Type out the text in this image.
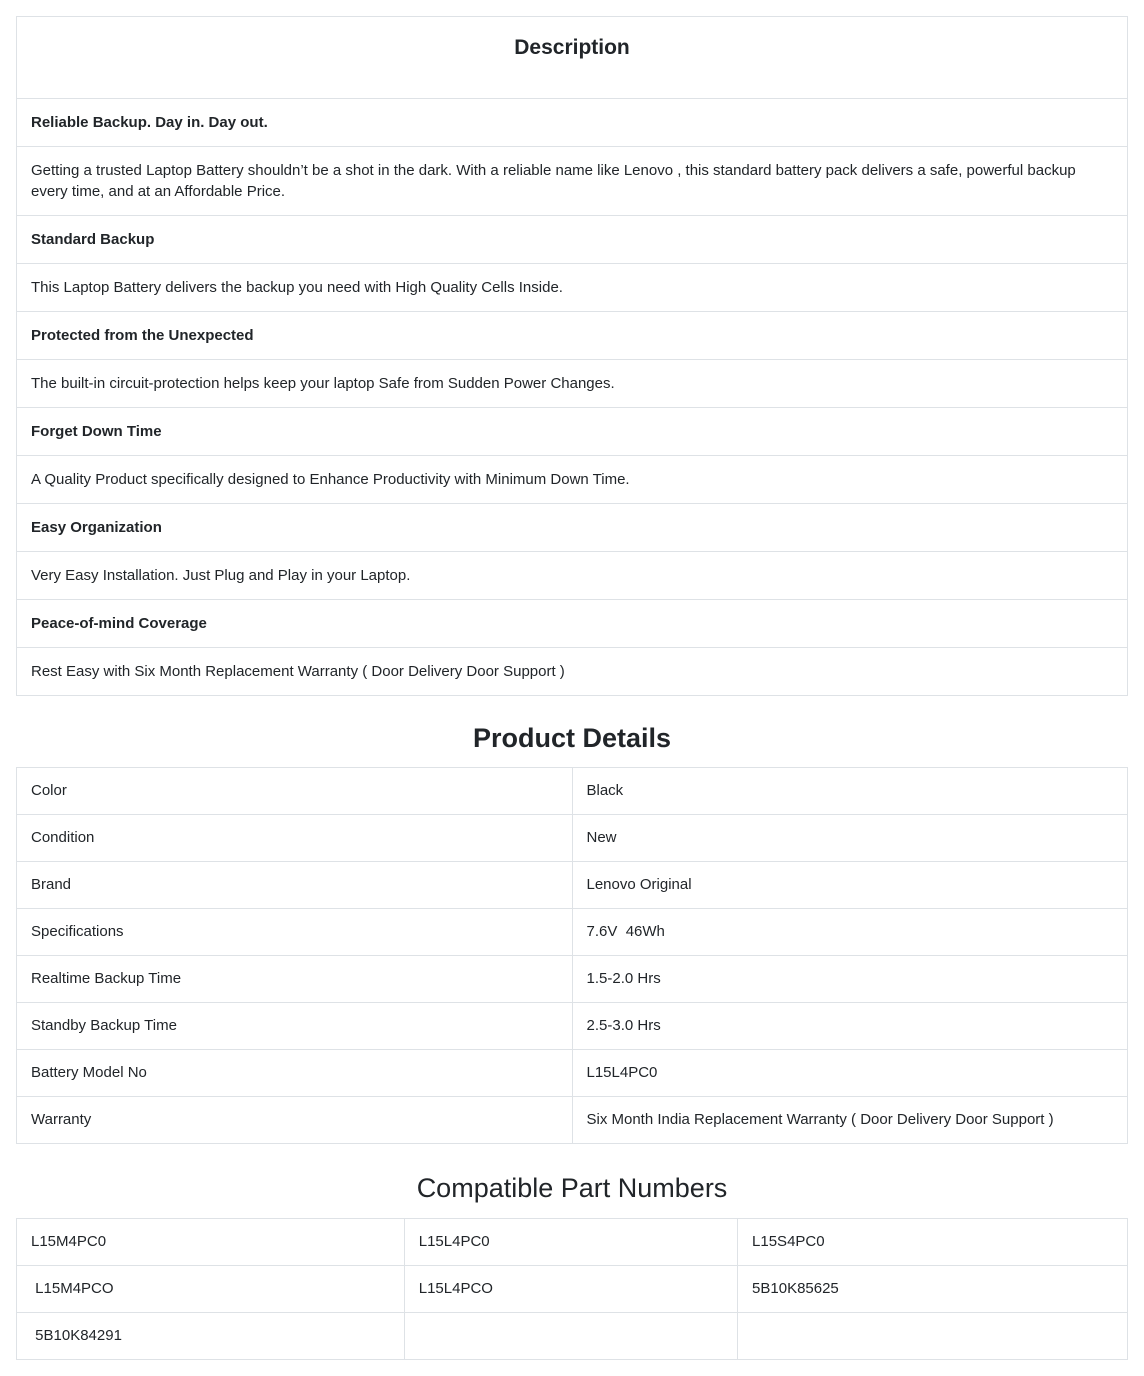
Description
Reliable Backup. Day in. Day out.
Getting a trusted Laptop Battery shouldn’t be a shot in the dark. With a reliable name like Lenovo , this standard battery pack delivers a safe, powerful backup every time, and at an Affordable Price.
Standard Backup
This Laptop Battery delivers the backup you need with High Quality Cells Inside.
Protected from the Unexpected
The built-in circuit-protection helps keep your laptop Safe from Sudden Power Changes.
Forget Down Time
A Quality Product specifically designed to Enhance Productivity with Minimum Down Time.
Easy Organization
Very Easy Installation. Just Plug and Play in your Laptop.
Peace-of-mind Coverage
Rest Easy with Six Month Replacement Warranty ( Door Delivery Door Support )
Product Details
Color	Black
Condition	New
Brand	Lenovo Original
Specifications	7.6V  46Wh
Realtime Backup Time	1.5-2.0 Hrs
Standby Backup Time	2.5-3.0 Hrs
Battery Model No	L15L4PC0
Warranty	Six Month India Replacement Warranty ( Door Delivery Door Support )
Compatible Part Numbers
L15M4PC0	L15L4PC0	L15S4PC0
L15M4PCO	L15L4PCO	5B10K85625
5B10K84291		
